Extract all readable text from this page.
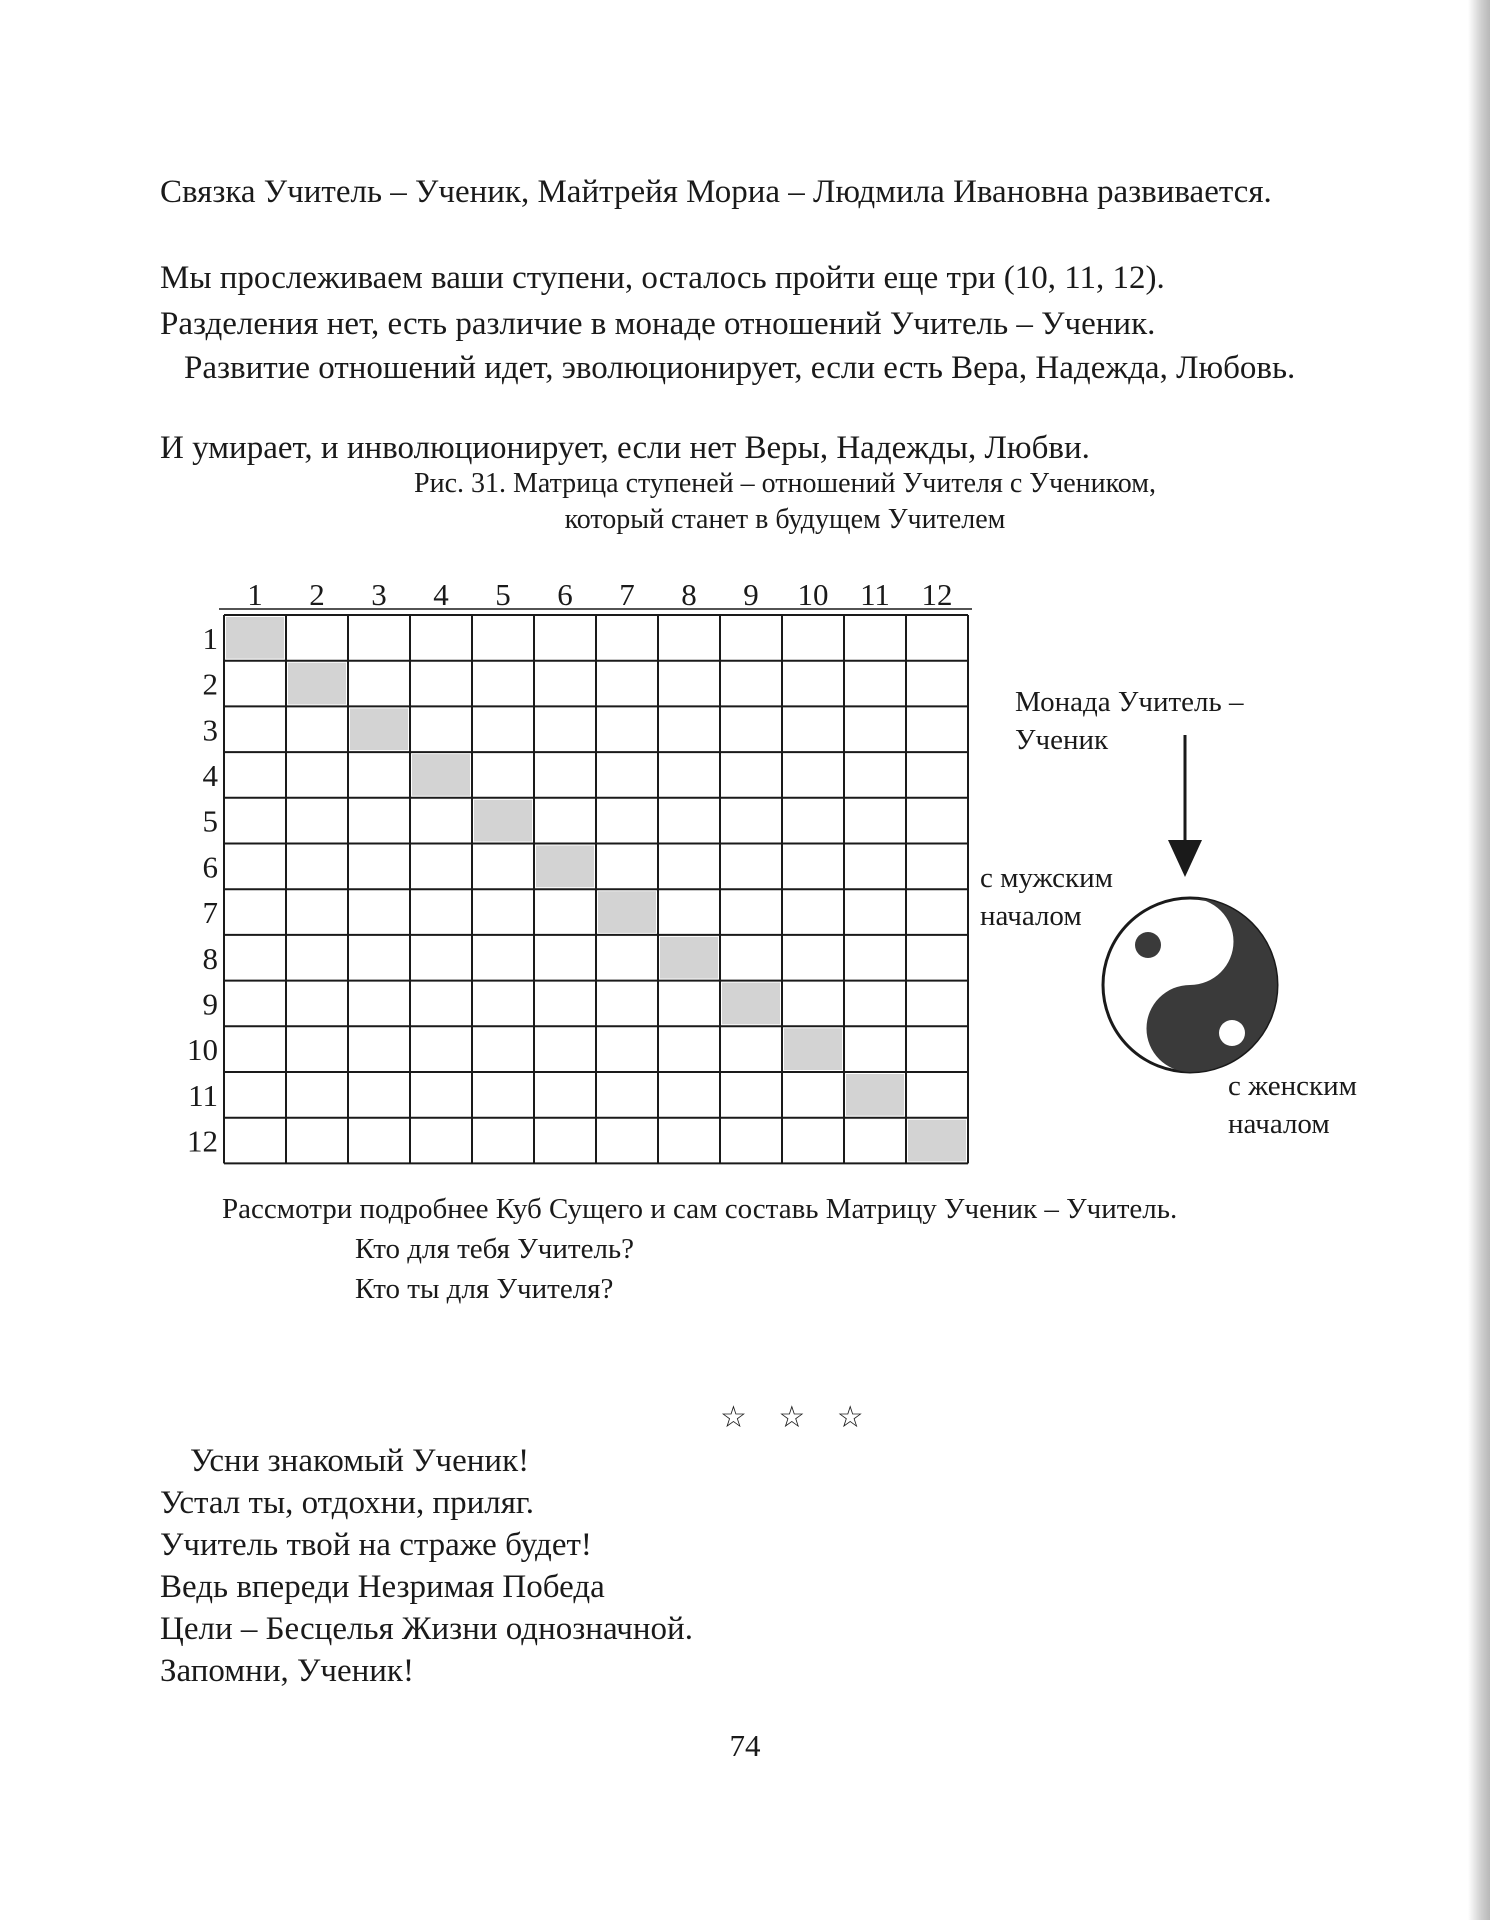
Связка Учитель – Ученик, Майтрейя Мориа – Людмила Ивановна развивается.

Мы прослеживаем ваши ступени, осталось пройти еще три (10, 11, 12).

Разделения нет, есть различие в монаде отношений Учитель – Ученик.

Развитие отношений идет, эволюционирует, если есть Вера, Надежда, Любовь.

И умирает, и инволюционирует, если нет Веры, Надежды, Любви.

Рис. 31. Матрица ступеней – отношений Учителя с Учеником,
который станет в будущем Учителем
1 2 3 4 5 6 7 8 9 10 11 12
1
2
3
4
5
6
7
8
9
10
11
12
Монада Учитель –
Ученик
с мужским
началом
с женским
началом
Рассмотри подробнее Куб Сущего и сам составь Матрицу Ученик – Учитель.
Кто для тебя Учитель?
Кто ты для Учителя?
☆ ☆ ☆
Усни знакомый Ученик!
Устал ты, отдохни, приляг.
Учитель твой на страже будет!
Ведь впереди Незримая Победа
Цели – Бесцелья Жизни однозначной.
Запомни, Ученик!
74
